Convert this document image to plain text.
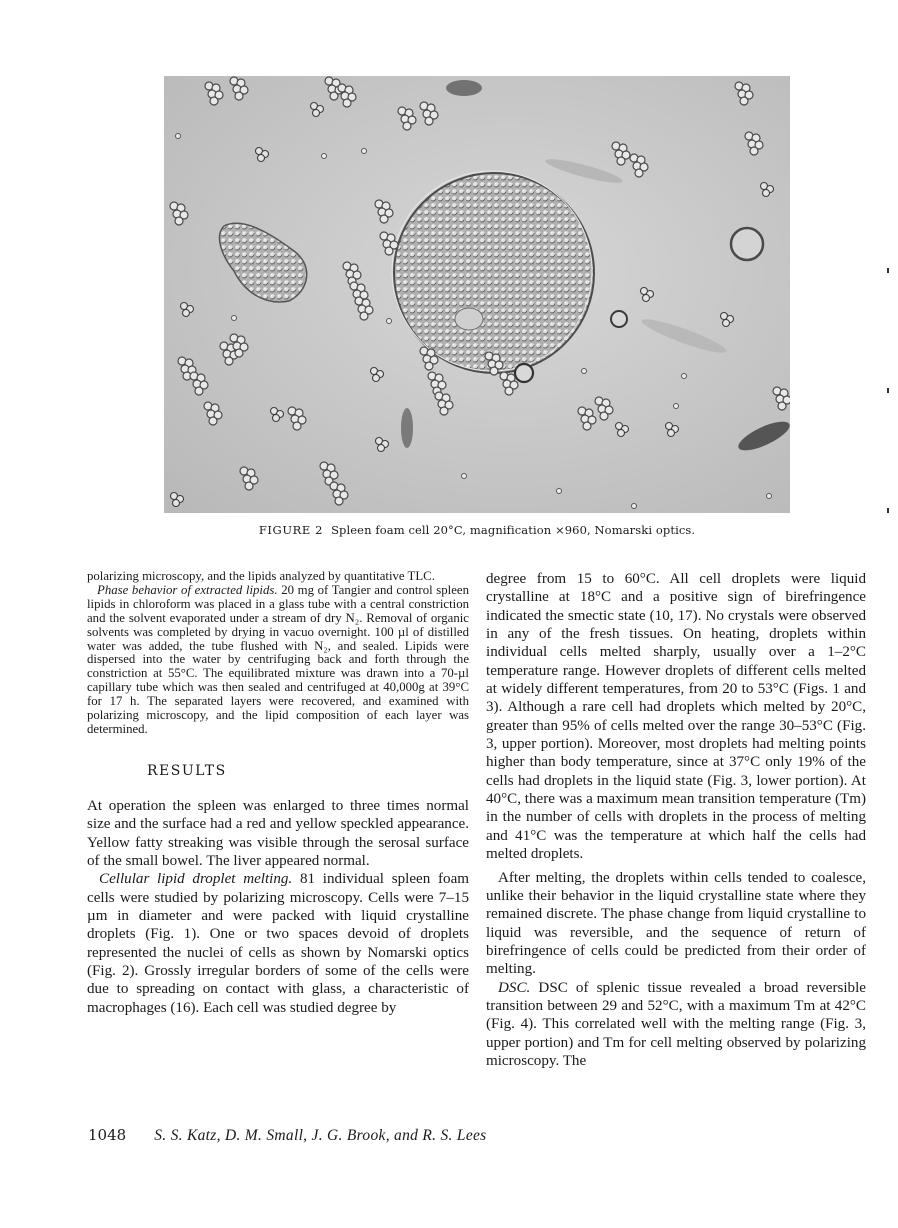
FIGURE 2 Spleen foam cell 20°C, magnification ×960, Nomarski optics.

polarizing microscopy, and the lipids analyzed by quantitative TLC.

Phase behavior of extracted lipids. 20 mg of Tangier and control spleen lipids in chloroform was placed in a glass tube with a central constriction and the solvent evaporated under a stream of dry N₂. Removal of organic solvents was completed by drying in vacuo overnight. 100 µl of distilled water was added, the tube flushed with N₂, and sealed. Lipids were dispersed into the water by centrifuging back and forth through the constriction at 55°C. The equilibrated mixture was drawn into a 70-µl capillary tube which was then sealed and centrifuged at 40,000g at 39°C for 17 h. The separated layers were recovered, and examined with polarizing microscopy, and the lipid composition of each layer was determined.

RESULTS

At operation the spleen was enlarged to three times normal size and the surface had a red and yellow speckled appearance. Yellow fatty streaking was visible through the serosal surface of the small bowel. The liver appeared normal.

Cellular lipid droplet melting. 81 individual spleen foam cells were studied by polarizing microscopy. Cells were 7–15 µm in diameter and were packed with liquid crystalline droplets (Fig. 1). One or two spaces devoid of droplets represented the nuclei of cells as shown by Nomarski optics (Fig. 2). Grossly irregular borders of some of the cells were due to spreading on contact with glass, a characteristic of macrophages (16). Each cell was studied degree by

degree from 15 to 60°C. All cell droplets were liquid crystalline at 18°C and a positive sign of birefringence indicated the smectic state (10, 17). No crystals were observed in any of the fresh tissues. On heating, droplets within individual cells melted sharply, usually over a 1–2°C temperature range. However droplets of different cells melted at widely different temperatures, from 20 to 53°C (Figs. 1 and 3). Although a rare cell had droplets which melted by 20°C, greater than 95% of cells melted over the range 30–53°C (Fig. 3, upper portion). Moreover, most droplets had melting points higher than body temperature, since at 37°C only 19% of the cells had droplets in the liquid state (Fig. 3, lower portion). At 40°C, there was a maximum mean transition temperature (Tm) in the number of cells with droplets in the process of melting and 41°C was the temperature at which half the cells had melted droplets.

After melting, the droplets within cells tended to coalesce, unlike their behavior in the liquid crystalline state where they remained discrete. The phase change from liquid crystalline to liquid was reversible, and the sequence of return of birefringence of cells could be predicted from their order of melting.

DSC. DSC of splenic tissue revealed a broad reversible transition between 29 and 52°C, with a maximum Tm at 42°C (Fig. 4). This correlated well with the melting range (Fig. 3, upper portion) and Tm for cell melting observed by polarizing microscopy. The

1048 S. S. Katz, D. M. Small, J. G. Brook, and R. S. Lees
